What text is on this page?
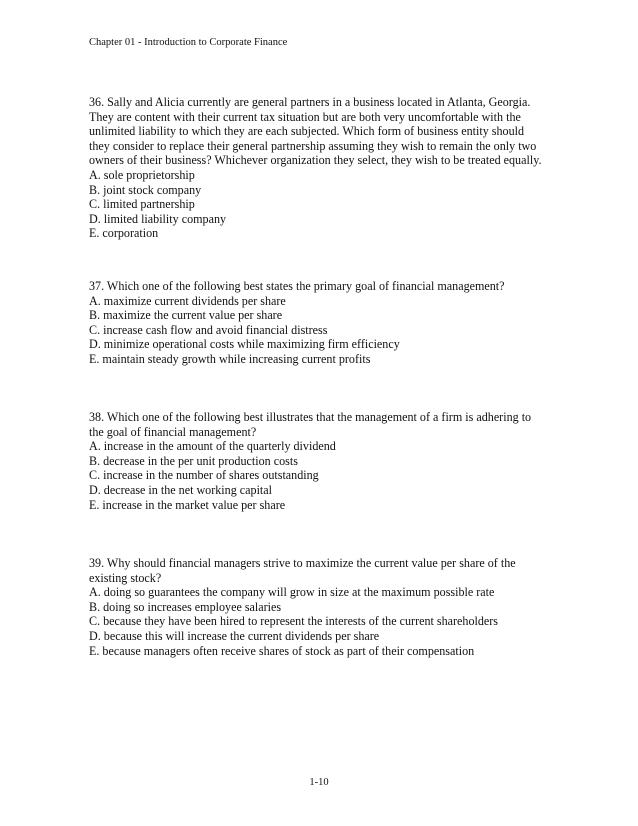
Chapter 01 - Introduction to Corporate Finance
36. Sally and Alicia currently are general partners in a business located in Atlanta, Georgia.
They are content with their current tax situation but are both very uncomfortable with the
unlimited liability to which they are each subjected. Which form of business entity should
they consider to replace their general partnership assuming they wish to remain the only two
owners of their business? Whichever organization they select, they wish to be treated equally.
A. sole proprietorship
B. joint stock company
C. limited partnership
D. limited liability company
E. corporation
37. Which one of the following best states the primary goal of financial management?
A. maximize current dividends per share
B. maximize the current value per share
C. increase cash flow and avoid financial distress
D. minimize operational costs while maximizing firm efficiency
E. maintain steady growth while increasing current profits
38. Which one of the following best illustrates that the management of a firm is adhering to
the goal of financial management?
A. increase in the amount of the quarterly dividend
B. decrease in the per unit production costs
C. increase in the number of shares outstanding
D. decrease in the net working capital
E. increase in the market value per share
39. Why should financial managers strive to maximize the current value per share of the
existing stock?
A. doing so guarantees the company will grow in size at the maximum possible rate
B. doing so increases employee salaries
C. because they have been hired to represent the interests of the current shareholders
D. because this will increase the current dividends per share
E. because managers often receive shares of stock as part of their compensation
1-10
